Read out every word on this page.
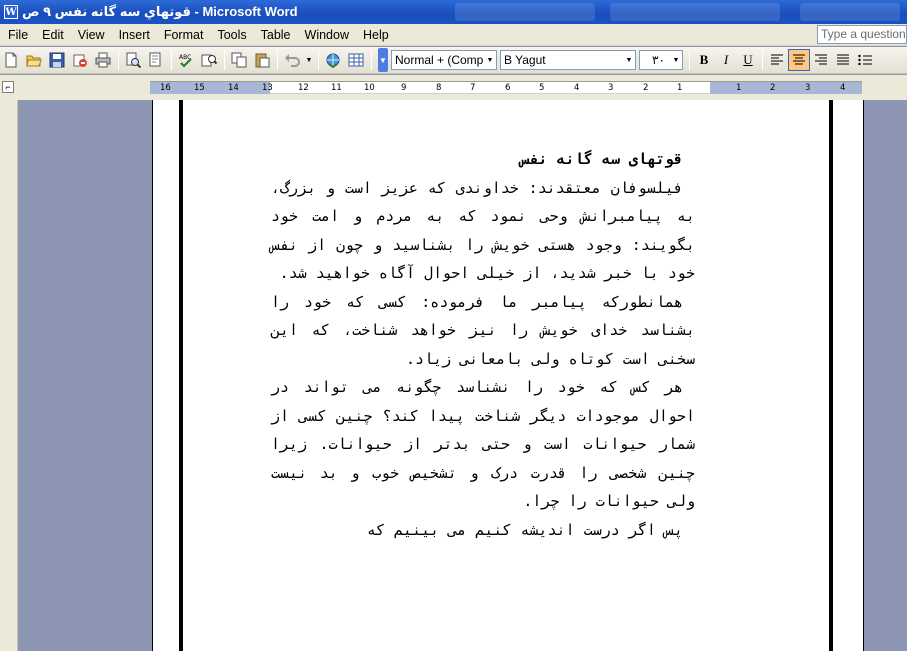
W قوتهاي سه گانه نفس ۹ ص - Microsoft Word
File	Edit	View	Insert	Format	Tools	Table	Window	Help	Type a question
ABC	▼	▼ Normal + (Comp ▼ B Yagut	▼	۳۰	▼	B	I	U
⌐	16	15	14	13	12	11	10	9	8	7	6	5	4	3	2	1	1	2	3	4
قوتهای سه گانه نفس

فیلسوفان معتقدند: خداوندی که عزیز است و بزرگ، به پیامبرانش وحی نمود که به مردم و امت خود بگویند: وجود هستی خویش را بشناسید و چون از نفس خود با خبر شدید، از خیلی احوال آگاه خواهید شد.

همانطورکه پیامبر ما فرموده: کسی که خود را بشناسد خدای خویش را نیز خواهد شناخت، که این سخنی است کوتاه ولی بامعانی زیاد.

هر کس که خود را نشناسد چگونه می تواند در احوال موجودات دیگر شناخت پیدا کند؟ چنین کسی از شمار حیوانات است و حتی بدتر از حیوانات. زیرا چنین شخصی را قدرت درک و تشخیص خوب و بد نیست ولی حیوانات را چرا.

پس اگر درست اندیشه کنیم می بینیم که
